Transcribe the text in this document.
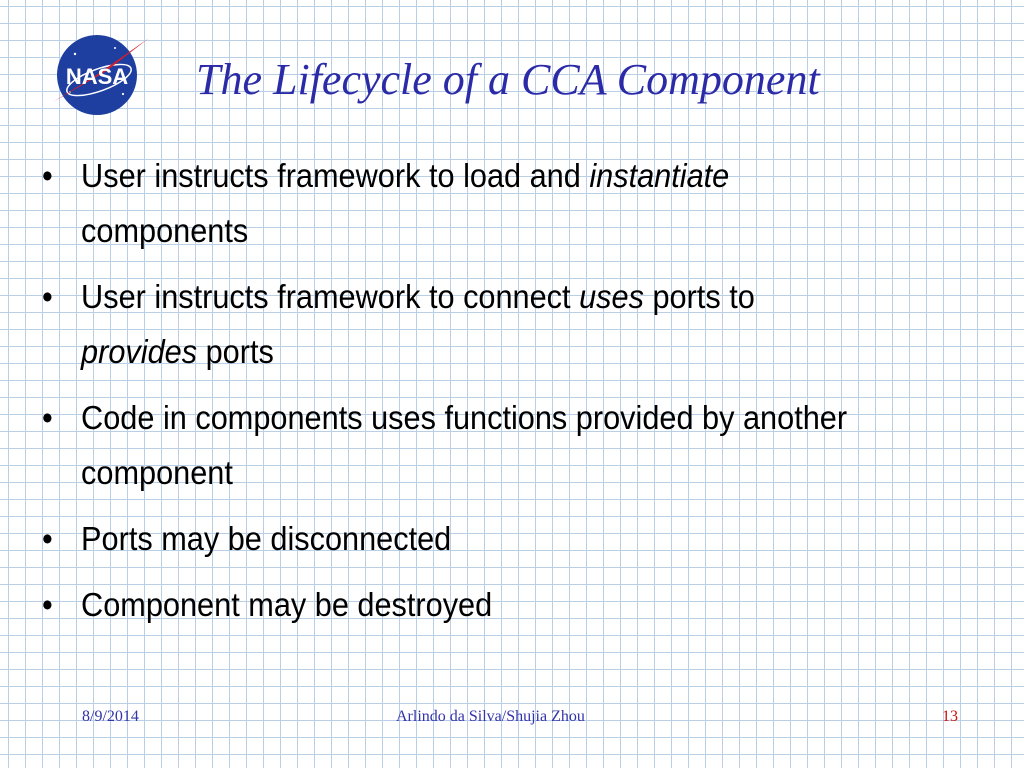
NASA The Lifecycle of a CCA Component
• User instructs framework to load and instantiate components
• User instructs framework to connect uses ports to provides ports
• Code in components uses functions provided by another component
• Ports may be disconnected
• Component may be destroyed
8/9/2014	Arlindo da Silva/Shujia Zhou	13
